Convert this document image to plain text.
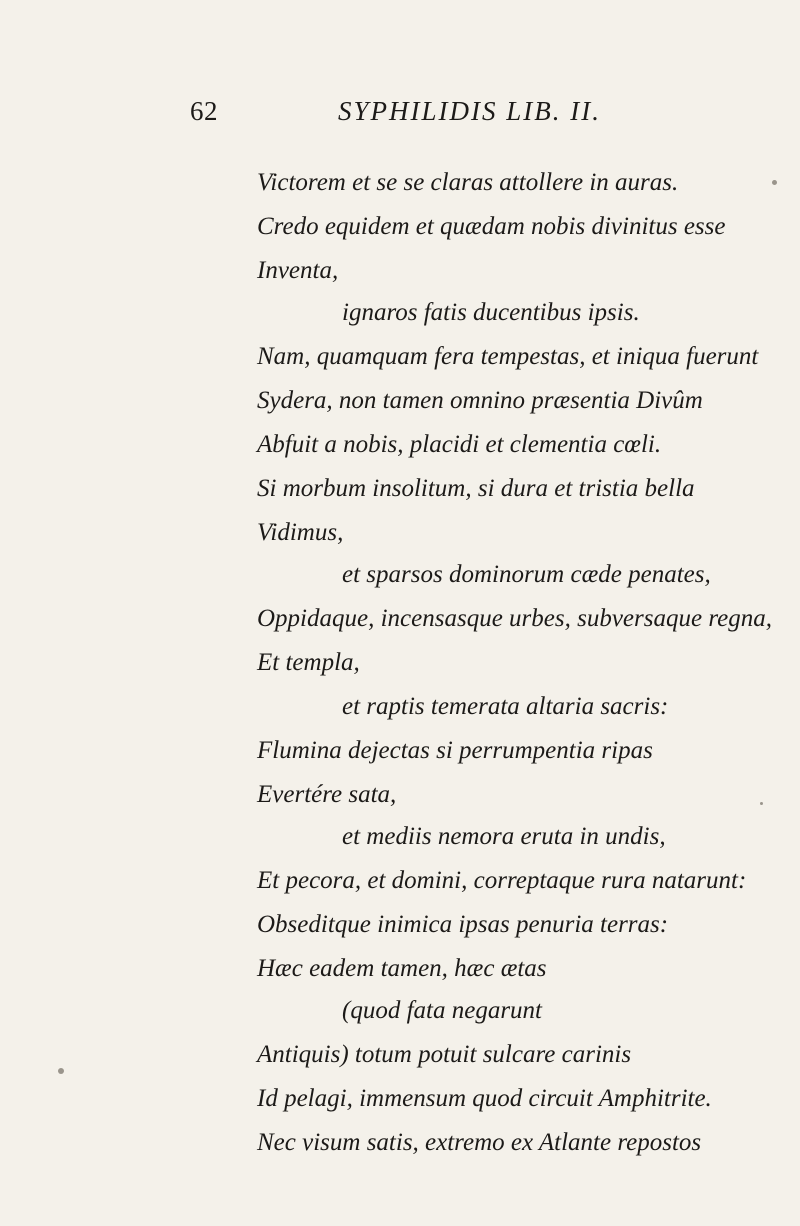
62	SYPHILIDIS LIB. II.
Victorem et se se claras attollere in auras.
Credo equidem et quædam nobis divinitus esse
Inventa,
ignaros fatis ducentibus ipsis.
Nam, quamquam fera tempestas, et iniqua fuerunt
Sydera, non tamen omnino præsentia Divûm
Abfuit a nobis, placidi et clementia cœli.
Si morbum insolitum, si dura et tristia bella
Vidimus,
et sparsos dominorum cæde penates,
Oppidaque, incensasque urbes, subversaque regna,
Et templa,
et raptis temerata altaria sacris:
Flumina dejectas si perrumpentia ripas
Evertére sata,
et mediis nemora eruta in undis,
Et pecora, et domini, correptaque rura natarunt:
Obseditque inimica ipsas penuria terras:
Hæc eadem tamen, hæc ætas
(quod fata negarunt
Antiquis) totum potuit sulcare carinis
Id pelagi, immensum quod circuit Amphitrite.
Nec visum satis, extremo ex Atlante repostos
